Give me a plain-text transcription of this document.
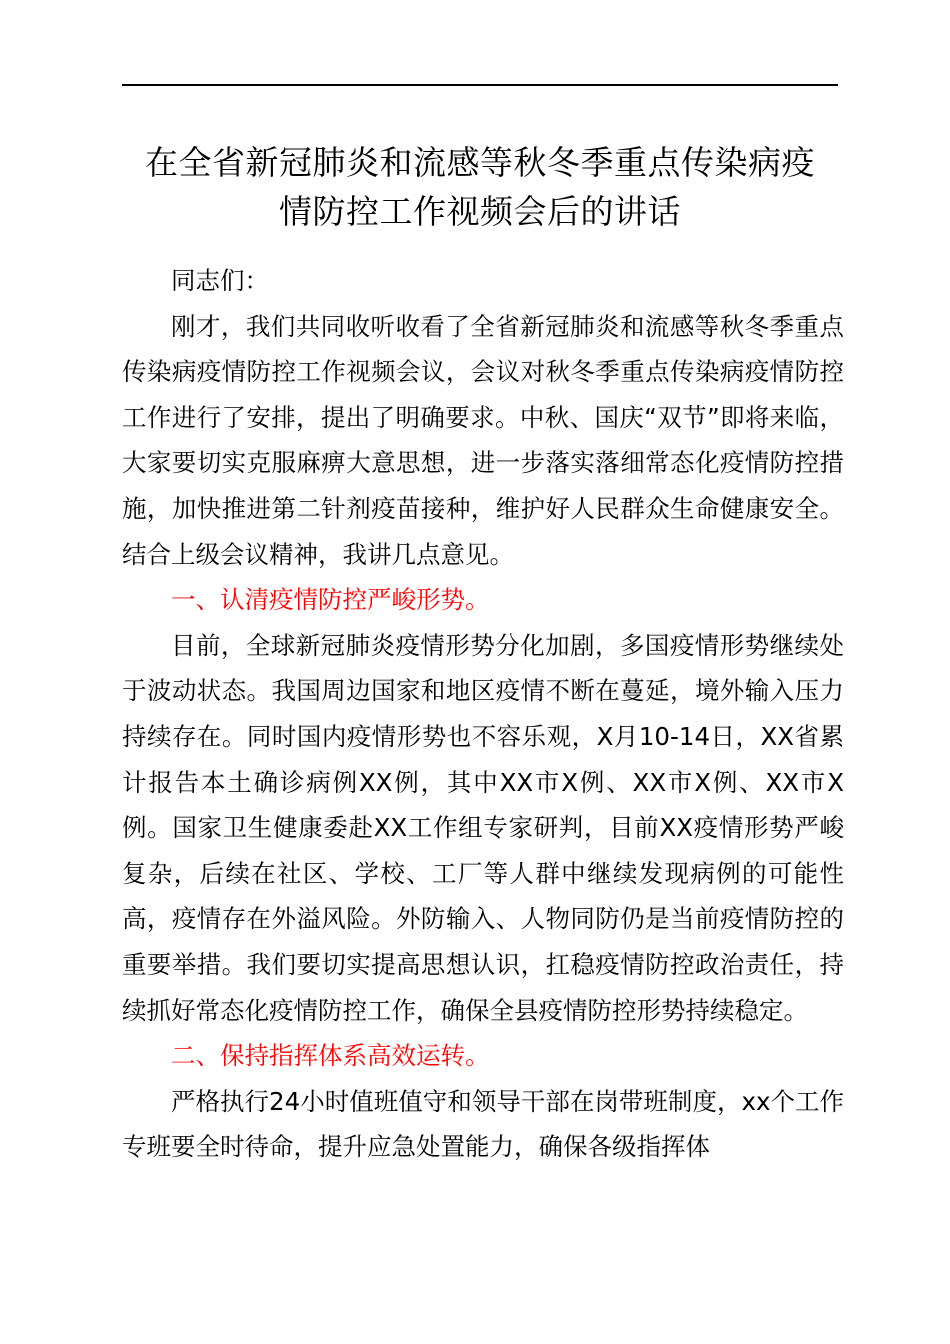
在全省新冠肺炎和流感等秋冬季重点传染病疫
情防控工作视频会后的讲话

同志们：

刚才，我们共同收听收看了全省新冠肺炎和流感等秋冬季重点传染病疫情防控工作视频会议，会议对秋冬季重点传染病疫情防控工作进行了安排，提出了明确要求。中秋、国庆“双节”即将来临，大家要切实克服麻痹大意思想，进一步落实落细常态化疫情防控措施，加快推进第二针剂疫苗接种，维护好人民群众生命健康安全。结合上级会议精神，我讲几点意见。

一、认清疫情防控严峻形势。

目前，全球新冠肺炎疫情形势分化加剧，多国疫情形势继续处于波动状态。我国周边国家和地区疫情不断在蔓延，境外输入压力持续存在。同时国内疫情形势也不容乐观，X月10-14日，XX省累计报告本土确诊病例XX例，其中XX市X例、XX市X例、XX市X例。国家卫生健康委赴XX工作组专家研判，目前XX疫情形势严峻复杂，后续在社区、学校、工厂等人群中继续发现病例的可能性高，疫情存在外溢风险。外防输入、人物同防仍是当前疫情防控的重要举措。我们要切实提高思想认识，扛稳疫情防控政治责任，持续抓好常态化疫情防控工作，确保全县疫情防控形势持续稳定。

二、保持指挥体系高效运转。

严格执行24小时值班值守和领导干部在岗带班制度，xx个工作专班要全时待命，提升应急处置能力，确保各级指挥体
